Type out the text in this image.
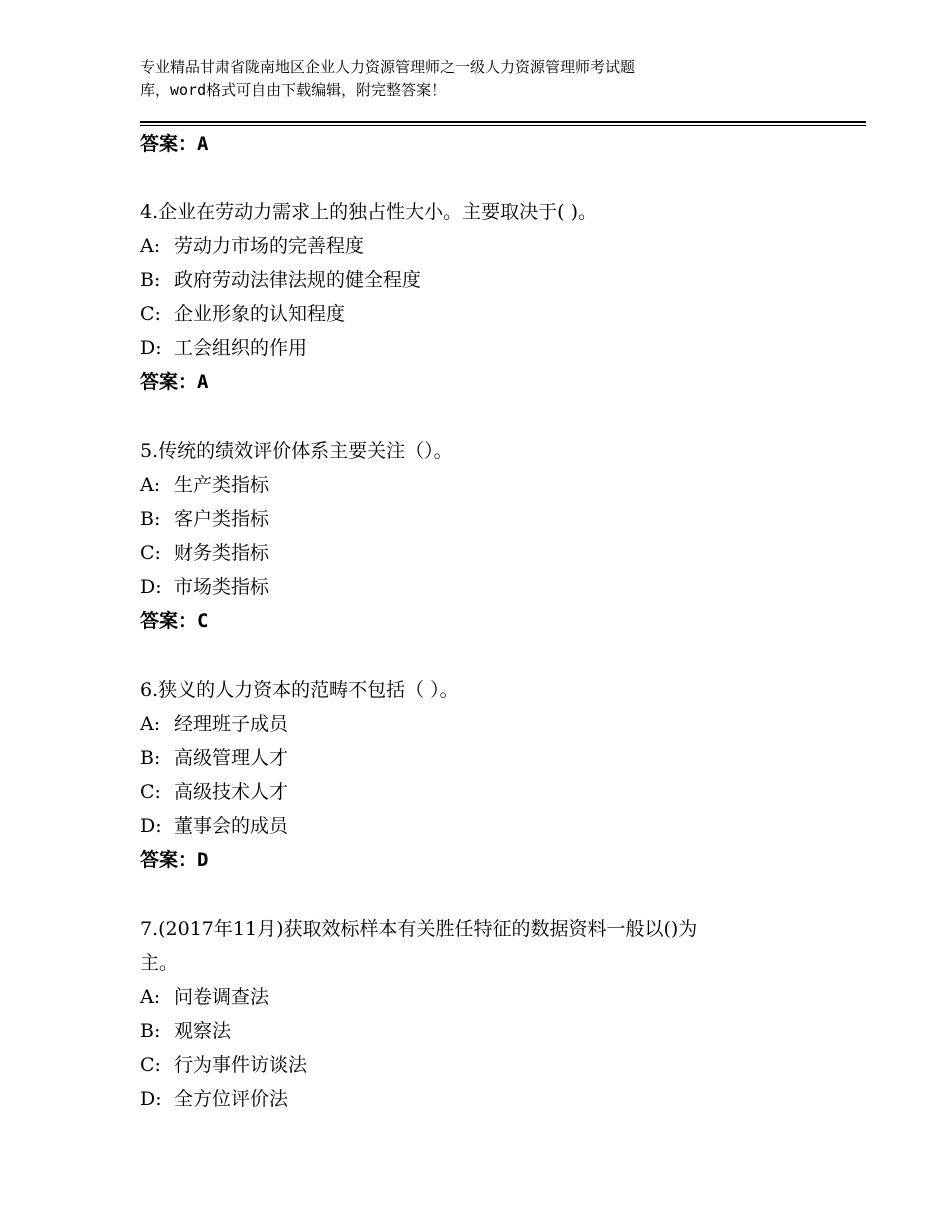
专业精品甘肃省陇南地区企业人力资源管理师之一级人力资源管理师考试题
库，word格式可自由下载编辑，附完整答案！
答案：A
4.企业在劳动力需求上的独占性大小。主要取决于( )。
A: 劳动力市场的完善程度
B: 政府劳动法律法规的健全程度
C: 企业形象的认知程度
D: 工会组织的作用
答案：A
5.传统的绩效评价体系主要关注（）。
A: 生产类指标
B: 客户类指标
C: 财务类指标
D: 市场类指标
答案：C
6.狭义的人力资本的范畴不包括（ ）。
A: 经理班子成员
B: 高级管理人才
C: 高级技术人才
D: 董事会的成员
答案：D
7.(2017年11月)获取效标样本有关胜任特征的数据资料一般以()为
主。
A: 问卷调查法
B: 观察法
C: 行为事件访谈法
D: 全方位评价法
